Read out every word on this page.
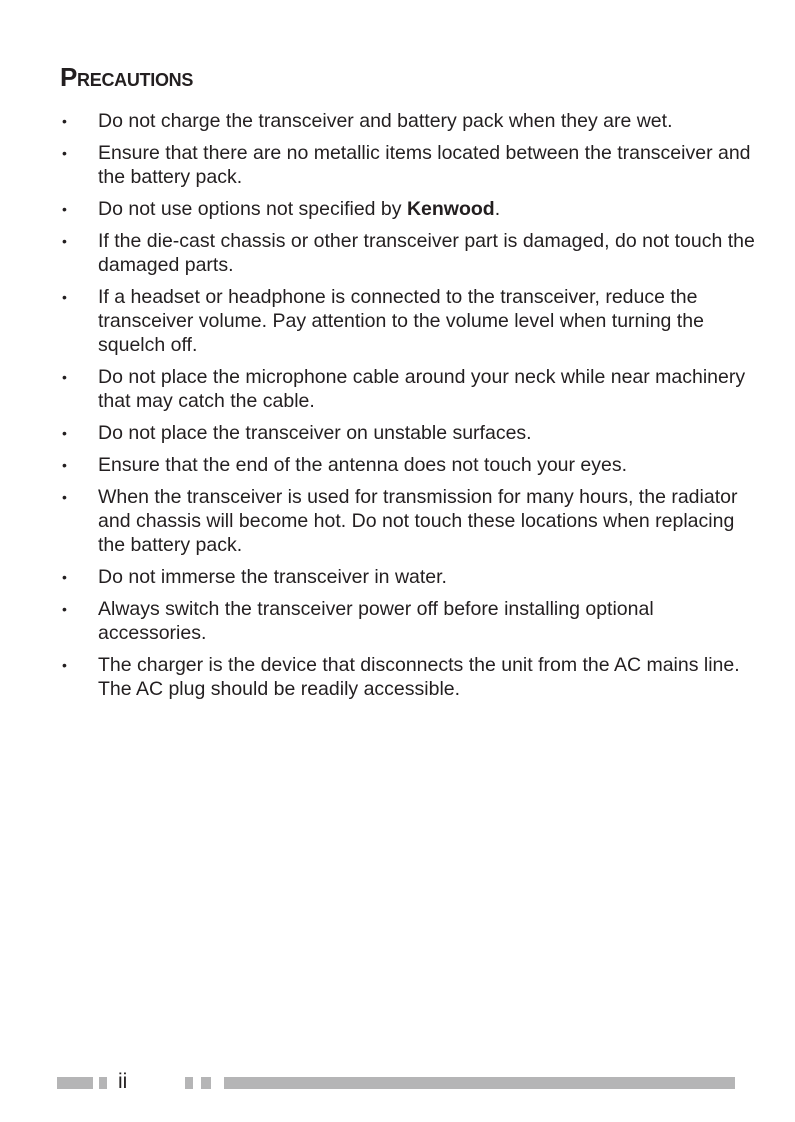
Precautions
• Do not charge the transceiver and battery pack when they are wet.
• Ensure that there are no metallic items located between the transceiver and the battery pack.
• Do not use options not specified by Kenwood.
• If the die-cast chassis or other transceiver part is damaged, do not touch the damaged parts.
• If a headset or headphone is connected to the transceiver, reduce the transceiver volume. Pay attention to the volume level when turning the squelch off.
• Do not place the microphone cable around your neck while near machinery that may catch the cable.
• Do not place the transceiver on unstable surfaces.
• Ensure that the end of the antenna does not touch your eyes.
• When the transceiver is used for transmission for many hours, the radiator and chassis will become hot. Do not touch these locations when replacing the battery pack.
• Do not immerse the transceiver in water.
• Always switch the transceiver power off before installing optional accessories.
• The charger is the device that disconnects the unit from the AC mains line. The AC plug should be readily accessible.
ii
